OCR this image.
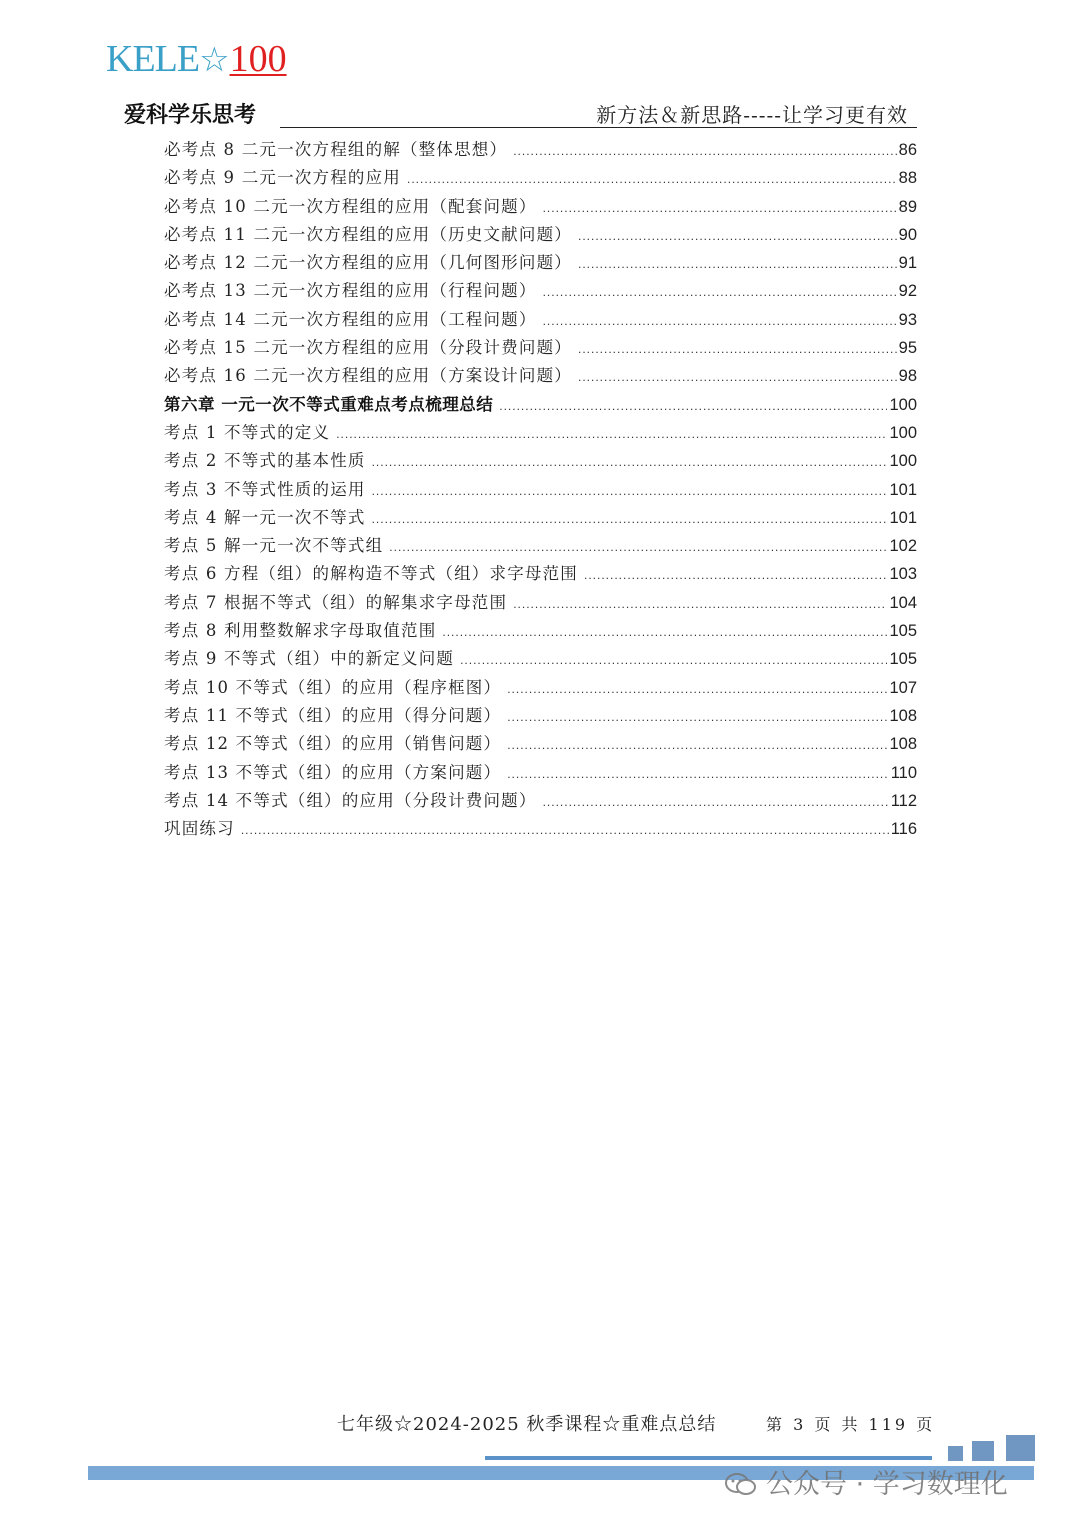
KELE☆100
爱科学乐思考	新方法＆新思路-----让学习更有效
必考点 8 二元一次方程组的解（整体思想） .....	86
必考点 9 二元一次方程的应用 .....	88
必考点 10 二元一次方程组的应用（配套问题） .....	89
必考点 11 二元一次方程组的应用（历史文献问题） .....	90
必考点 12 二元一次方程组的应用（几何图形问题） .....	91
必考点 13 二元一次方程组的应用（行程问题） .....	92
必考点 14 二元一次方程组的应用（工程问题） .....	93
必考点 15 二元一次方程组的应用（分段计费问题） .....	95
必考点 16 二元一次方程组的应用（方案设计问题） .....	98
第六章 一元一次不等式重难点考点梳理总结 .....	100
考点 1 不等式的定义 .....	100
考点 2 不等式的基本性质 .....	100
考点 3 不等式性质的运用 .....	101
考点 4 解一元一次不等式 .....	101
考点 5 解一元一次不等式组 .....	102
考点 6 方程（组）的解构造不等式（组）求字母范围 .....	103
考点 7 根据不等式（组）的解集求字母范围 .....	104
考点 8 利用整数解求字母取值范围 .....	105
考点 9 不等式（组）中的新定义问题 .....	105
考点 10 不等式（组）的应用（程序框图） .....	107
考点 11 不等式（组）的应用（得分问题） .....	108
考点 12 不等式（组）的应用（销售问题） .....	108
考点 13 不等式（组）的应用（方案问题） .....	110
考点 14 不等式（组）的应用（分段计费问题） .....	112
巩固练习 .....	116
七年级☆2024-2025 秋季课程☆重难点总结	第 3 页 共 119 页
公众号 · 学习数理化
